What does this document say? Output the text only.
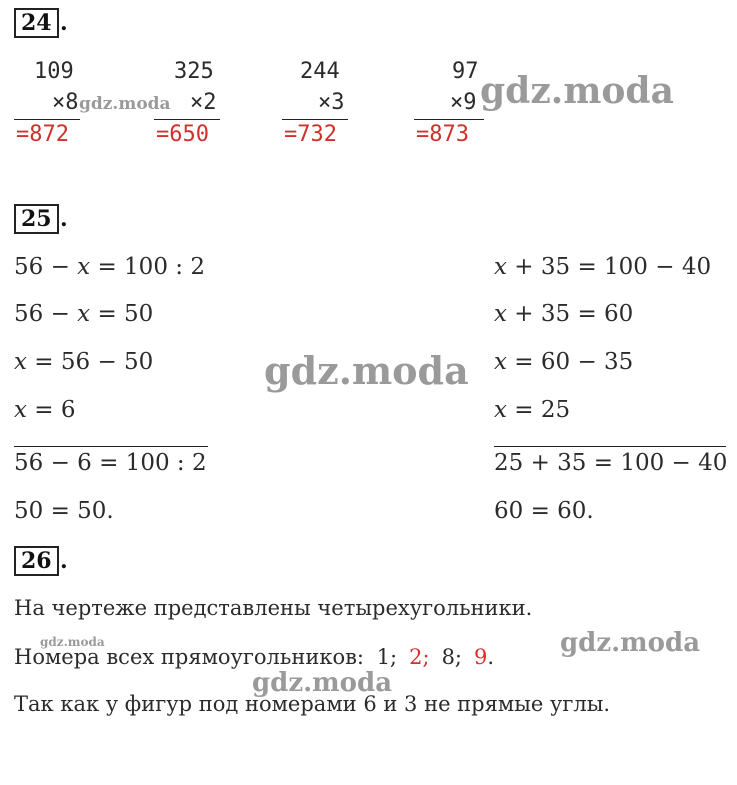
24 .
109
×8
=872
325
×2
=650
244
×3
=732
97
×9
=873
25 .
56 − x = 100 : 2
56 − x = 50
x = 56 − 50
x = 6
56 − 6 = 100 : 2
50 = 50.
x + 35 = 100 − 40
x + 35 = 60
x = 60 − 35
x = 25
25 + 35 = 100 − 40
60 = 60.
26 .
На чертеже представлены четырехугольники.
Номера всех прямоугольников: 1; 2; 8; 9.
Так как у фигур под номерами 6 и 3 не прямые углы.
gdz.moda	gdz.moda
gdz.moda
gdz.moda	gdz.moda
gdz.moda
